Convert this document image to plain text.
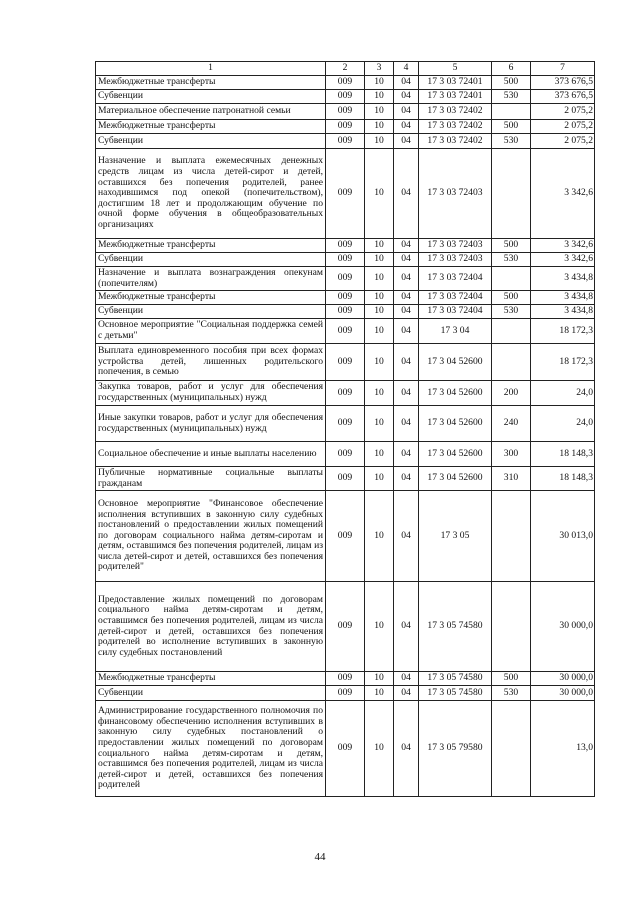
1	2	3	4	5	6	7
Межбюджетные трансферты	009	10	04	17 3 03 72401	500	373 676,5
Субвенции	009	10	04	17 3 03 72401	530	373 676,5
Материальное обеспечение патронатной семьи	009	10	04	17 3 03 72402		2 075,2
Межбюджетные трансферты	009	10	04	17 3 03 72402	500	2 075,2
Субвенции	009	10	04	17 3 03 72402	530	2 075,2
Назначение и выплата ежемесячных денежных средств лицам из числа детей-сирот и детей, оставшихся без попечения родителей, ранее находившимся под опекой (попечительством), достигшим 18 лет и продолжающим обучение по очной форме обучения в общеобразовательных организациях	009	10	04	17 3 03 72403		3 342,6
Межбюджетные трансферты	009	10	04	17 3 03 72403	500	3 342,6
Субвенции	009	10	04	17 3 03 72403	530	3 342,6
Назначение и выплата вознаграждения опекунам (попечителям)	009	10	04	17 3 03 72404		3 434,8
Межбюджетные трансферты	009	10	04	17 3 03 72404	500	3 434,8
Субвенции	009	10	04	17 3 03 72404	530	3 434,8
Основное мероприятие "Социальная поддержка семей с детьми"	009	10	04	17 3 04		18 172,3
Выплата единовременного пособия при всех формах устройства детей, лишенных родительского попечения, в семью	009	10	04	17 3 04 52600		18 172,3
Закупка товаров, работ и услуг для обеспечения государственных (муниципальных) нужд	009	10	04	17 3 04 52600	200	24,0
Иные закупки товаров, работ и услуг для обеспечения государственных (муниципальных) нужд	009	10	04	17 3 04 52600	240	24,0
Социальное обеспечение и иные выплаты населению	009	10	04	17 3 04 52600	300	18 148,3
Публичные нормативные социальные выплаты гражданам	009	10	04	17 3 04 52600	310	18 148,3
Основное мероприятие "Финансовое обеспечение исполнения вступивших в законную силу судебных постановлений о предоставлении жилых помещений по договорам социального найма детям-сиротам и детям, оставшимся без попечения родителей, лицам из числа детей-сирот и детей, оставшихся без попечения родителей"	009	10	04	17 3 05		30 013,0
Предоставление жилых помещений по договорам социального найма детям-сиротам и детям, оставшимся без попечения родителей, лицам из числа детей-сирот и детей, оставшихся без попечения родителей во исполнение вступивших в законную силу судебных постановлений	009	10	04	17 3 05 74580		30 000,0
Межбюджетные трансферты	009	10	04	17 3 05 74580	500	30 000,0
Субвенции	009	10	04	17 3 05 74580	530	30 000,0
Администрирование государственного полномочия по финансовому обеспечению исполнения вступивших в законную силу судебных постановлений о предоставлении жилых помещений по договорам социального найма детям-сиротам и детям, оставшимся без попечения родителей, лицам из числа детей-сирот и детей, оставшихся без попечения родителей	009	10	04	17 3 05 79580		13,0
44
